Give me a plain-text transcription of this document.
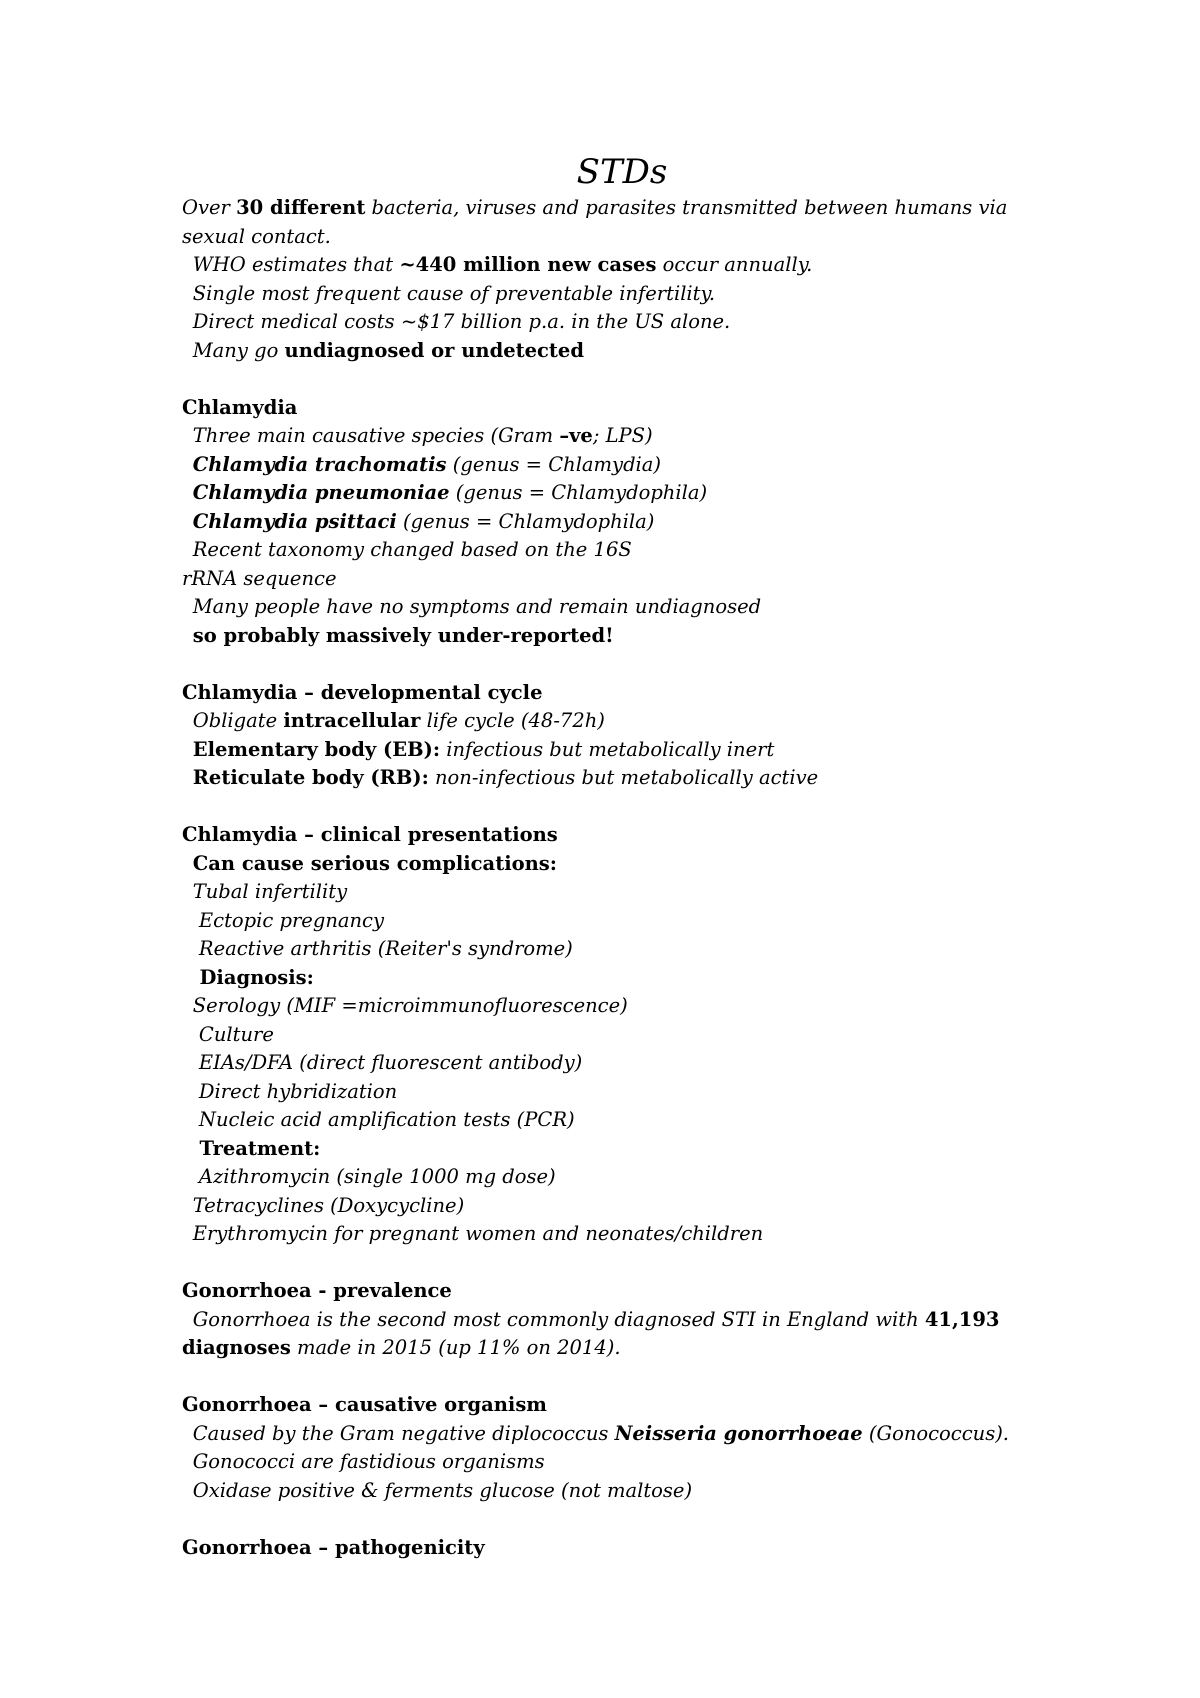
STDs
Over 30 different bacteria, viruses and parasites transmitted between humans via
sexual contact.
WHO estimates that ~440 million new cases occur annually.
Single most frequent cause of preventable infertility.
Direct medical costs ~$17 billion p.a. in the US alone.
Many go undiagnosed or undetected
Chlamydia
Three main causative species (Gram –ve; LPS)
Chlamydia trachomatis (genus = Chlamydia)
Chlamydia pneumoniae (genus = Chlamydophila)
Chlamydia psittaci (genus = Chlamydophila)
Recent taxonomy changed based on the 16S
rRNA sequence
Many people have no symptoms and remain undiagnosed
so probably massively under-reported!
Chlamydia – developmental cycle
Obligate intracellular life cycle (48-72h)
Elementary body (EB): infectious but metabolically inert
Reticulate body (RB): non-infectious but metabolically active
Chlamydia – clinical presentations
Can cause serious complications:
Tubal infertility
Ectopic pregnancy
Reactive arthritis (Reiter's syndrome)
Diagnosis:
Serology (MIF =microimmunofluorescence)
Culture
EIAs/DFA (direct fluorescent antibody)
Direct hybridization
Nucleic acid amplification tests (PCR)
Treatment:
Azithromycin (single 1000 mg dose)
Tetracyclines (Doxycycline)
Erythromycin for pregnant women and neonates/children
Gonorrhoea - prevalence
Gonorrhoea is the second most commonly diagnosed STI in England with 41,193
diagnoses made in 2015 (up 11% on 2014).
Gonorrhoea – causative organism
Caused by the Gram negative diplococcus Neisseria gonorrhoeae (Gonococcus).
Gonococci are fastidious organisms
Oxidase positive & ferments glucose (not maltose)
Gonorrhoea – pathogenicity
